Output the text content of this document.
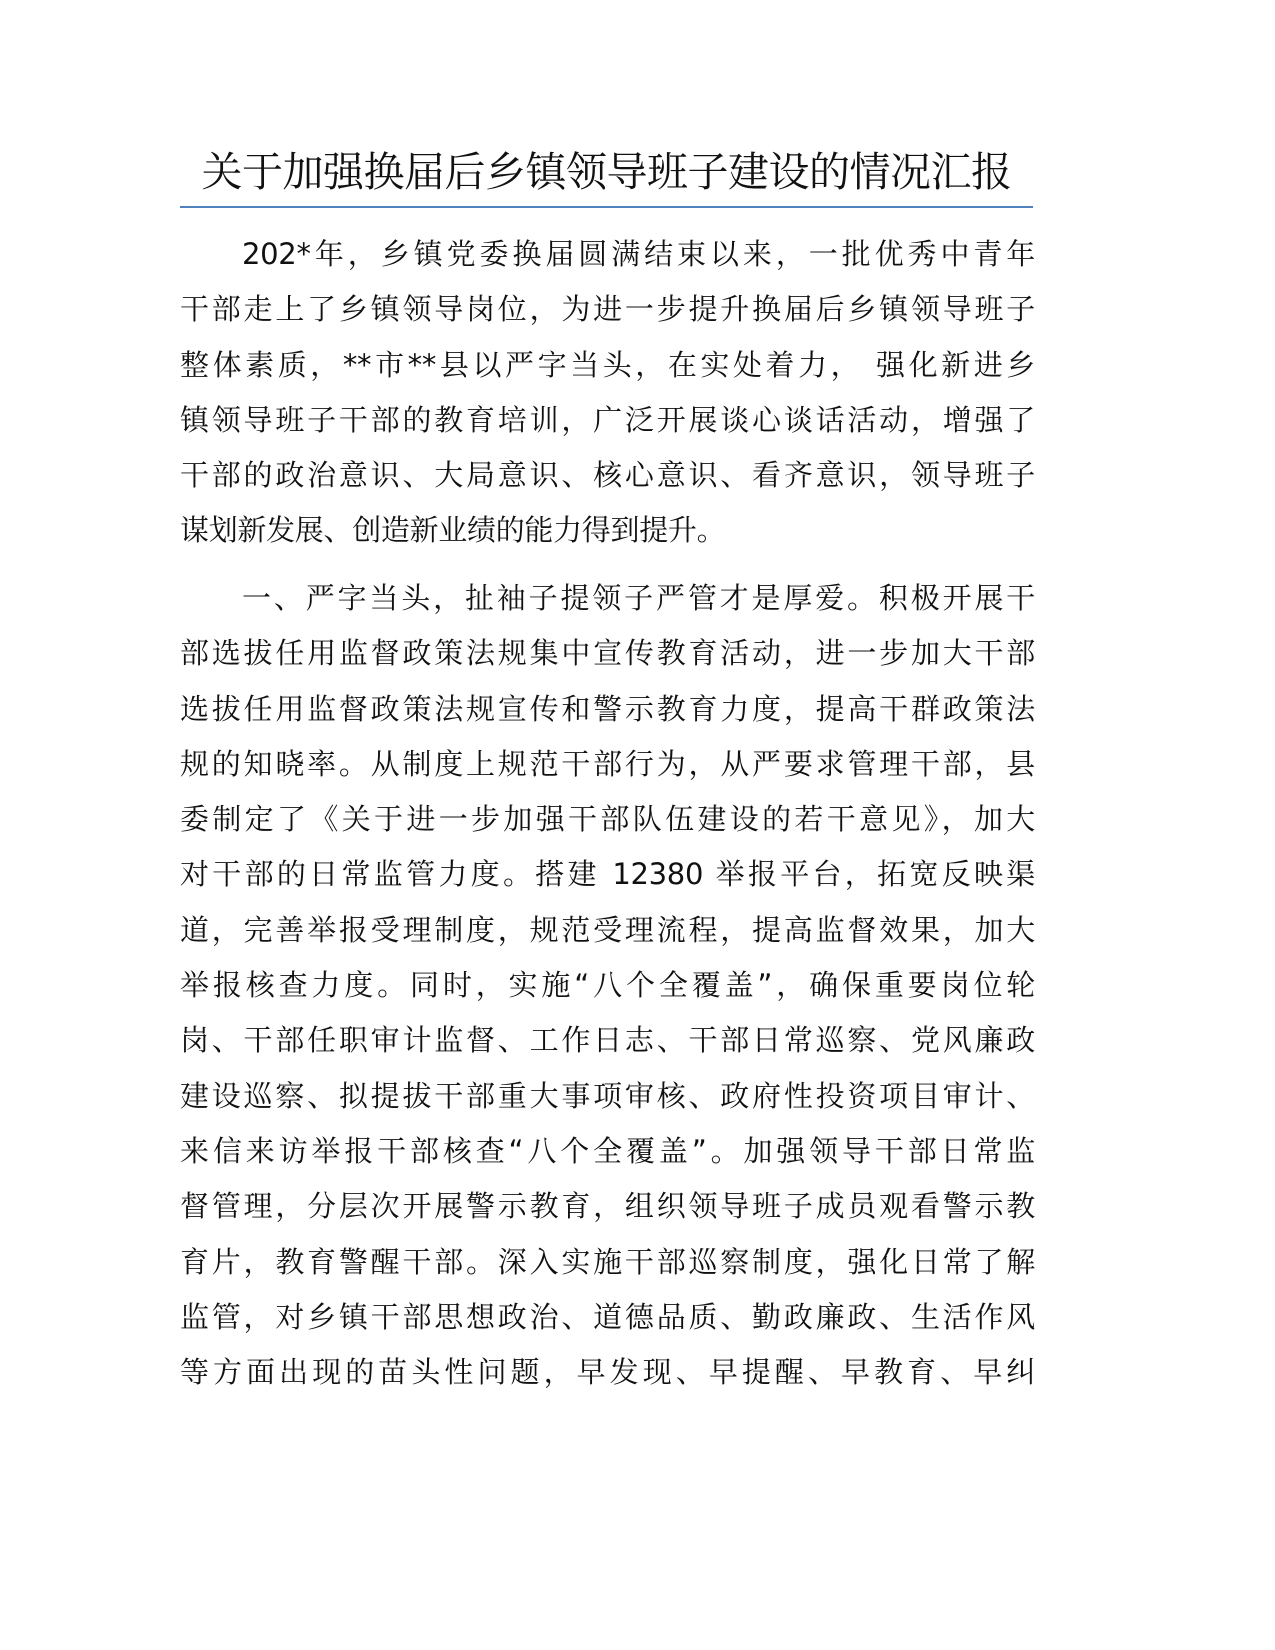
关于加强换届后乡镇领导班子建设的情况汇报
202*年，乡镇党委换届圆满结束以来，一批优秀中青年
干部走上了乡镇领导岗位，为进一步提升换届后乡镇领导班子
整体素质，**市**县以严字当头，在实处着力， 强化新进乡
镇领导班子干部的教育培训，广泛开展谈心谈话活动，增强了
干部的政治意识、大局意识、核心意识、看齐意识，领导班子
谋划新发展、创造新业绩的能力得到提升。
一、严字当头，扯袖子提领子严管才是厚爱。积极开展干
部选拔任用监督政策法规集中宣传教育活动，进一步加大干部
选拔任用监督政策法规宣传和警示教育力度，提高干群政策法
规的知晓率。从制度上规范干部行为，从严要求管理干部，县
委制定了《关于进一步加强干部队伍建设的若干意见》，加大
对干部的日常监管力度。搭建 12380 举报平台，拓宽反映渠
道，完善举报受理制度，规范受理流程，提高监督效果，加大
举报核查力度。同时，实施“八个全覆盖”，确保重要岗位轮
岗、干部任职审计监督、工作日志、干部日常巡察、党风廉政
建设巡察、拟提拔干部重大事项审核、政府性投资项目审计、
来信来访举报干部核查“八个全覆盖”。加强领导干部日常监
督管理，分层次开展警示教育，组织领导班子成员观看警示教
育片，教育警醒干部。深入实施干部巡察制度，强化日常了解
监管，对乡镇干部思想政治、道德品质、勤政廉政、生活作风
等方面出现的苗头性问题，早发现、早提醒、早教育、早纠
